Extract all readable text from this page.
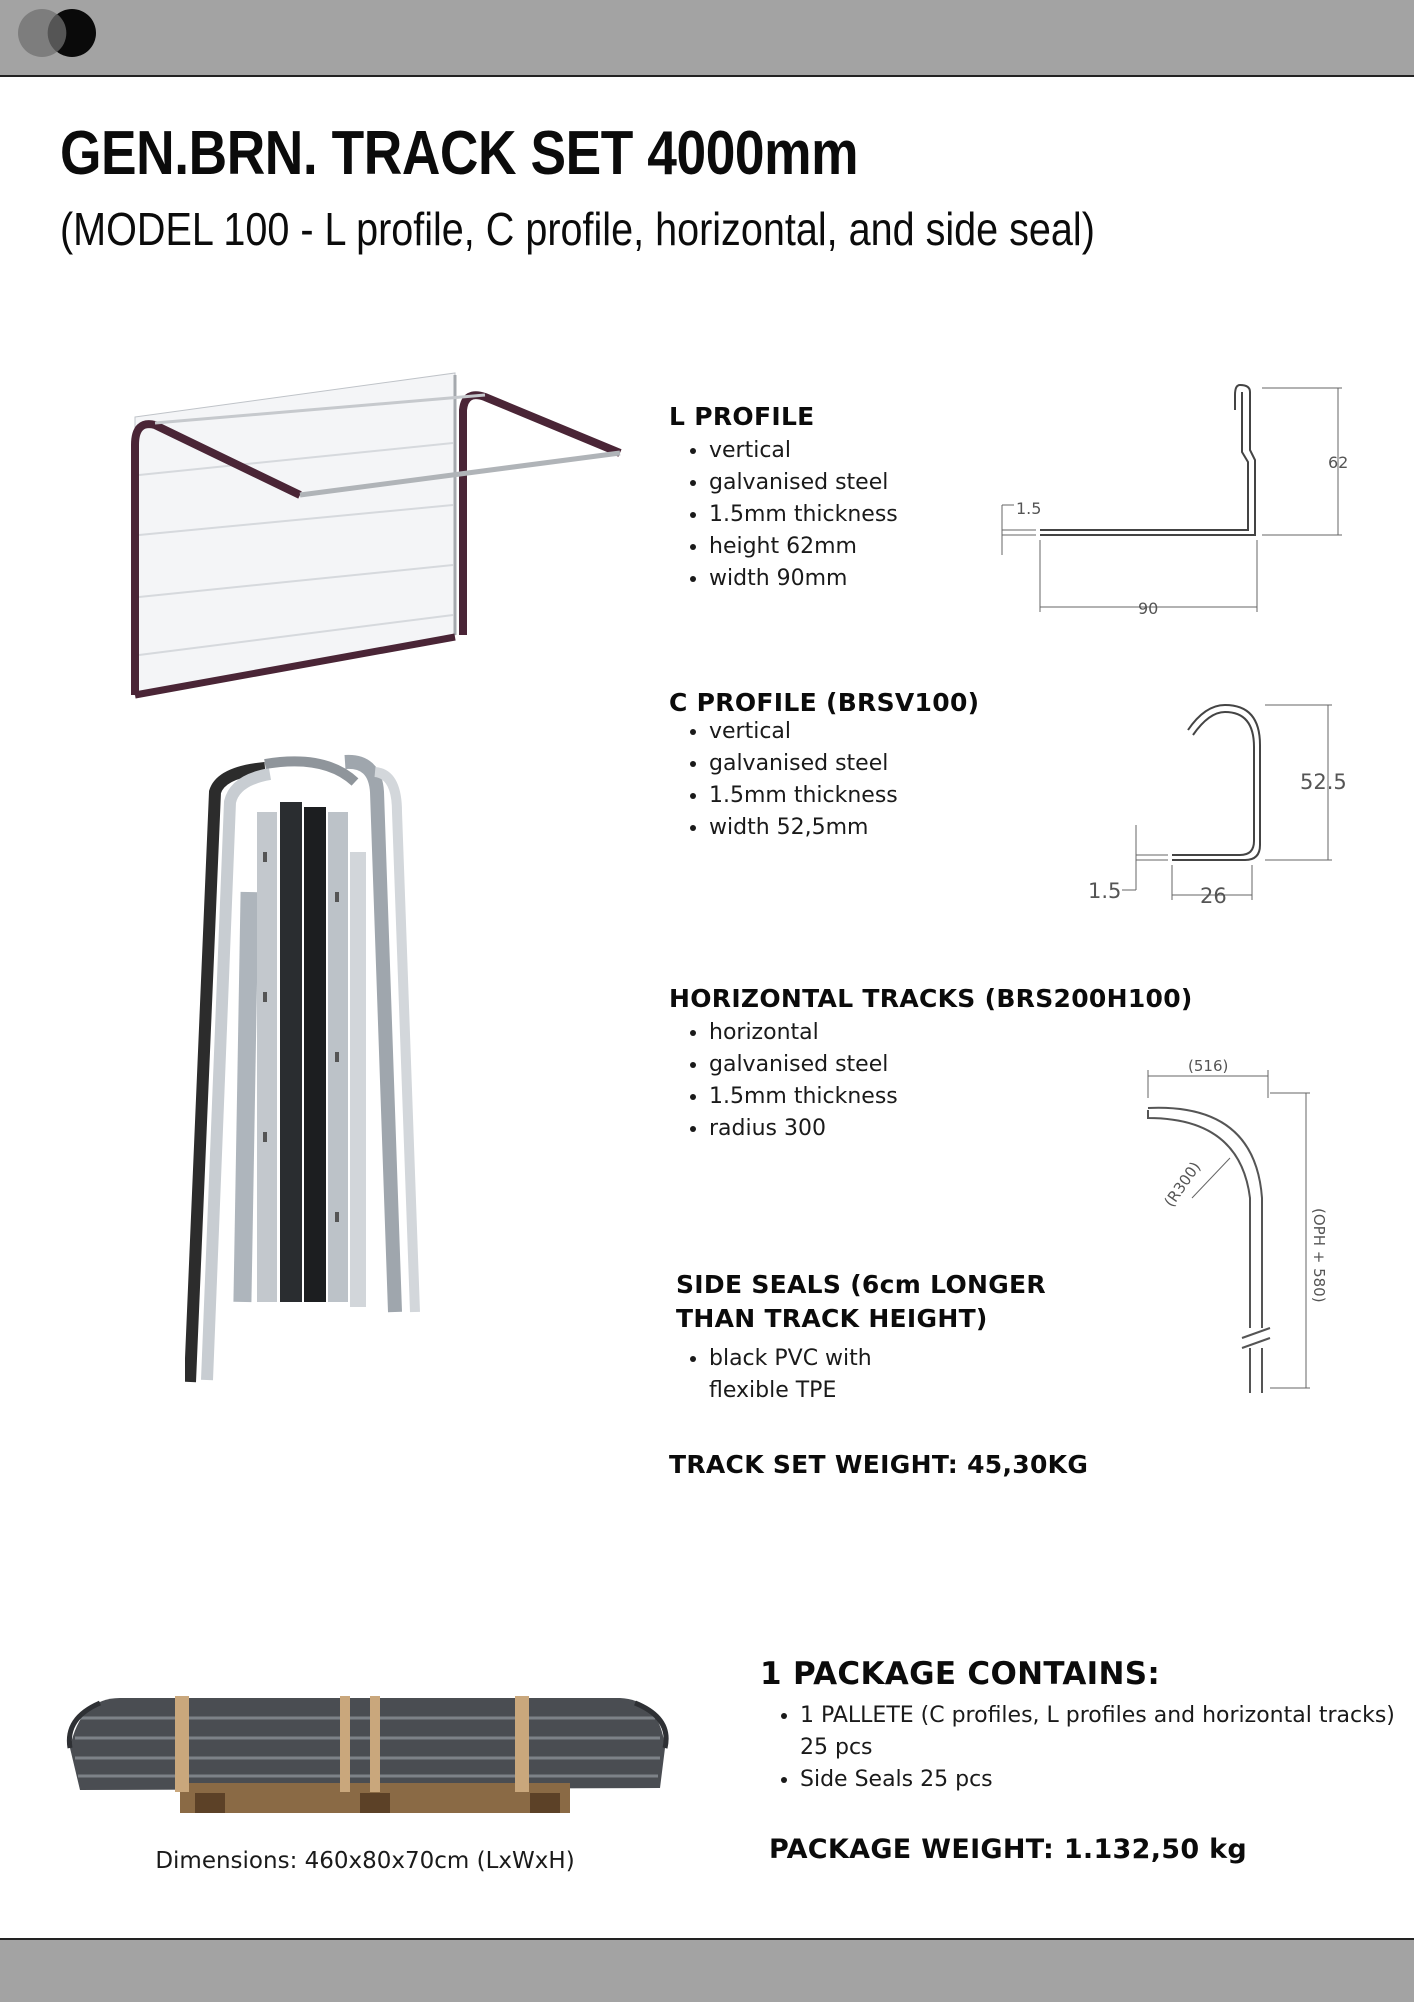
GEN.BRN. TRACK SET 4000mm
(MODEL 100 - L profile, C profile, horizontal, and side seal)
L PROFILE
• vertical
• galvanised steel
• 1.5mm thickness
• height 62mm
• width 90mm
62
1.5
90
C PROFILE (BRSV100)
• vertical
• galvanised steel
• 1.5mm thickness
• width 52,5mm
52.5
1.5	26
HORIZONTAL TRACKS (BRS200H100)
• horizontal
• galvanised steel
• 1.5mm thickness
• radius 300
(516)
(R300)
(OPH + 580)
SIDE SEALS (6cm LONGER THAN TRACK HEIGHT)
• black PVC with flexible TPE

TRACK SET WEIGHT: 45,30KG

Dimensions: 460x80x70cm (LxWxH)

1 PACKAGE CONTAINS:
• 1 PALLETE (C profiles, L profiles and horizontal tracks) 25 pcs
• Side Seals 25 pcs

PACKAGE WEIGHT: 1.132,50 kg
